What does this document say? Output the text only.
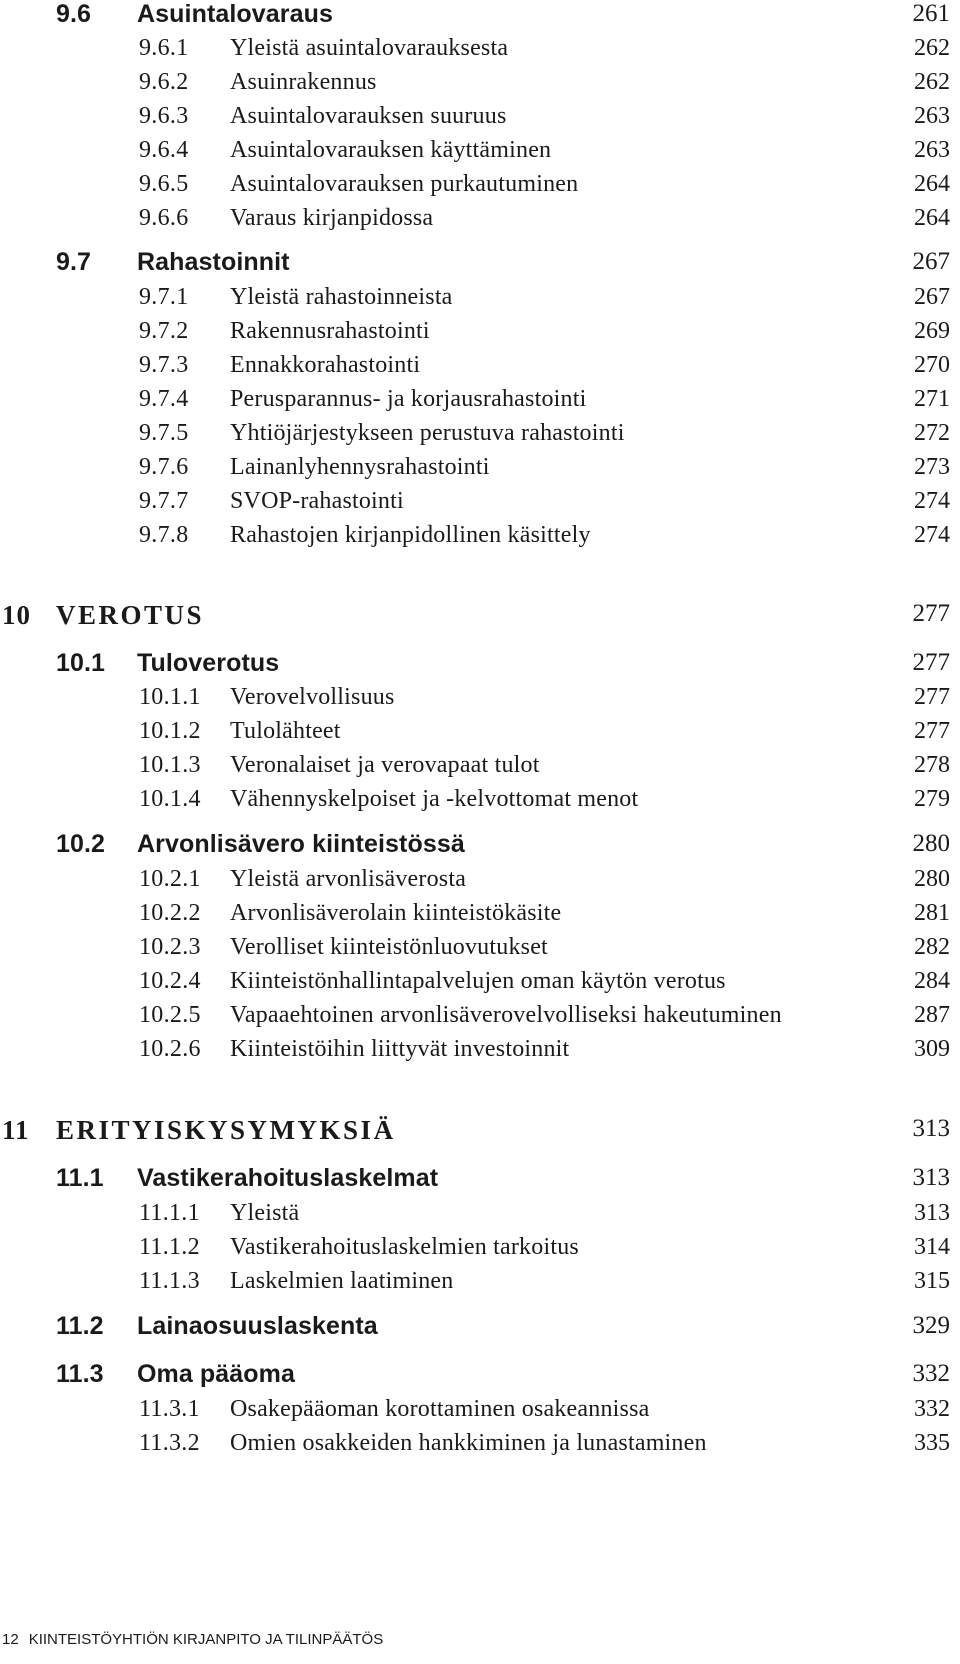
9.6 Asuintalovaraus	261
9.6.1 Yleistä asuintalovarauksesta	262
9.6.2 Asuinrakennus	262
9.6.3 Asuintalovarauksen suuruus	263
9.6.4 Asuintalovarauksen käyttäminen	263
9.6.5 Asuintalovarauksen purkautuminen	264
9.6.6 Varaus kirjanpidossa	264
9.7 Rahastoinnit	267
9.7.1 Yleistä rahastoinneista	267
9.7.2 Rakennusrahastointi	269
9.7.3 Ennakkorahastointi	270
9.7.4 Perusparannus- ja korjausrahastointi	271
9.7.5 Yhtiöjärjestykseen perustuva rahastointi	272
9.7.6 Lainanlyhennysrahastointi	273
9.7.7 SVOP-rahastointi	274
9.7.8 Rahastojen kirjanpidollinen käsittely	274
10 VEROTUS	277
10.1 Tuloverotus	277
10.1.1 Verovelvollisuus	277
10.1.2 Tulolähteet	277
10.1.3 Veronalaiset ja verovapaat tulot	278
10.1.4 Vähennyskelpoiset ja -kelvottomat menot	279
10.2 Arvonlisävero kiinteistössä	280
10.2.1 Yleistä arvonlisäverosta	280
10.2.2 Arvonlisäverolain kiinteistökäsite	281
10.2.3 Verolliset kiinteistönluovutukset	282
10.2.4 Kiinteistönhallintapalvelujen oman käytön verotus	284
10.2.5 Vapaaehtoinen arvonlisäverovelvolliseksi hakeutuminen	287
10.2.6 Kiinteistöihin liittyvät investoinnit	309
11 ERITYISKYSYMYKSIÄ	313
11.1 Vastikerahoituslaskelmat	313
11.1.1 Yleistä	313
11.1.2 Vastikerahoituslaskelmien tarkoitus	314
11.1.3 Laskelmien laatiminen	315
11.2 Lainaosuuslaskenta	329
11.3 Oma pääoma	332
11.3.1 Osakepääoman korottaminen osakeannissa	332
11.3.2 Omien osakkeiden hankkiminen ja lunastaminen	335
12 KIINTEISTÖYHTIÖN KIRJANPITO JA TILINPÄÄTÖS
